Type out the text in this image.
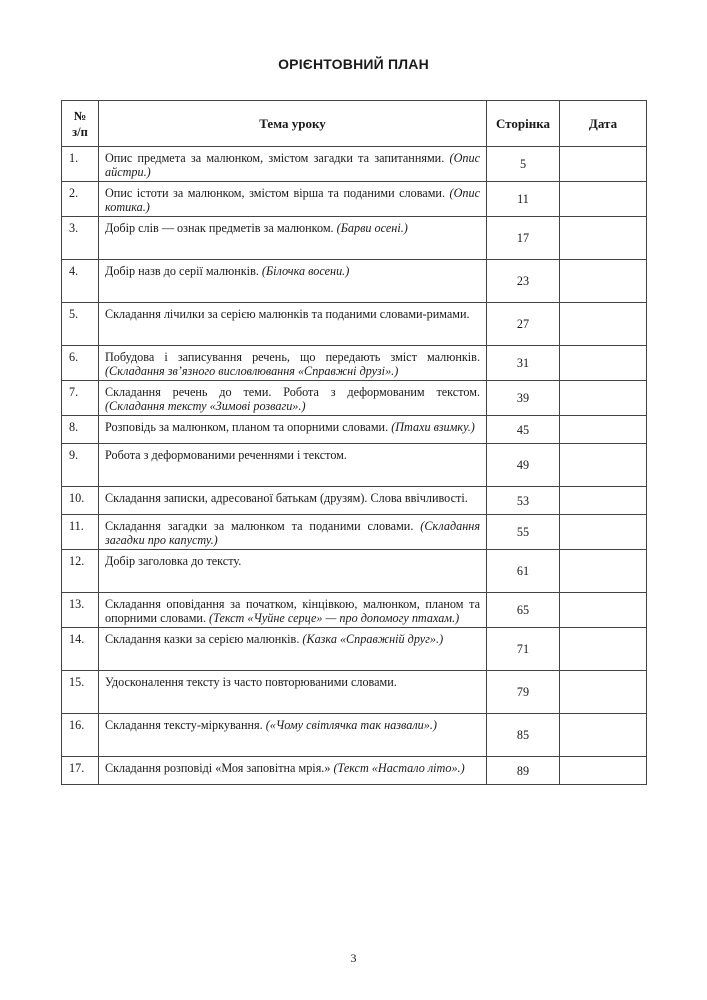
ОРІЄНТОВНИЙ ПЛАН
№
з/п	Тема уроку	Сторінка	Дата
1.	Опис предмета за малюнком, змістом загадки та запитаннями. (Опис айстри.)	5	
2.	Опис істоти за малюнком, змістом вірша та поданими словами. (Опис котика.)	11	
3.	Добір слів — ознак предметів за малюнком. (Барви осені.)	17	
4.	Добір назв до серії малюнків. (Білочка восени.)	23	
5.	Складання лічилки за серією малюнків та поданими словами-римами.	27	
6.	Побудова і записування речень, що передають зміст малюнків. (Складання зв’язного висловлювання «Справжні друзі».)	31	
7.	Складання речень до теми. Робота з деформованим текстом. (Складання тексту «Зимові розваги».)	39	
8.	Розповідь за малюнком, планом та опорними словами. (Птахи взимку.)	45	
9.	Робота з деформованими реченнями і текстом.	49	
10.	Складання записки, адресованої батькам (друзям). Слова ввічливості.	53	
11.	Складання загадки за малюнком та поданими словами. (Складання загадки про капусту.)	55	
12.	Добір заголовка до тексту.	61	
13.	Складання оповідання за початком, кінцівкою, малюнком, планом та опорними словами. (Текст «Чуйне серце» — про допомогу птахам.)	65	
14.	Складання казки за серією малюнків. (Казка «Справжній друг».)	71	
15.	Удосконалення тексту із часто повторюваними словами.	79	
16.	Складання тексту-міркування. («Чому світлячка так назвали».)	85	
17.	Складання розповіді «Моя заповітна мрія.» (Текст «Настало літо».)	89	
3
